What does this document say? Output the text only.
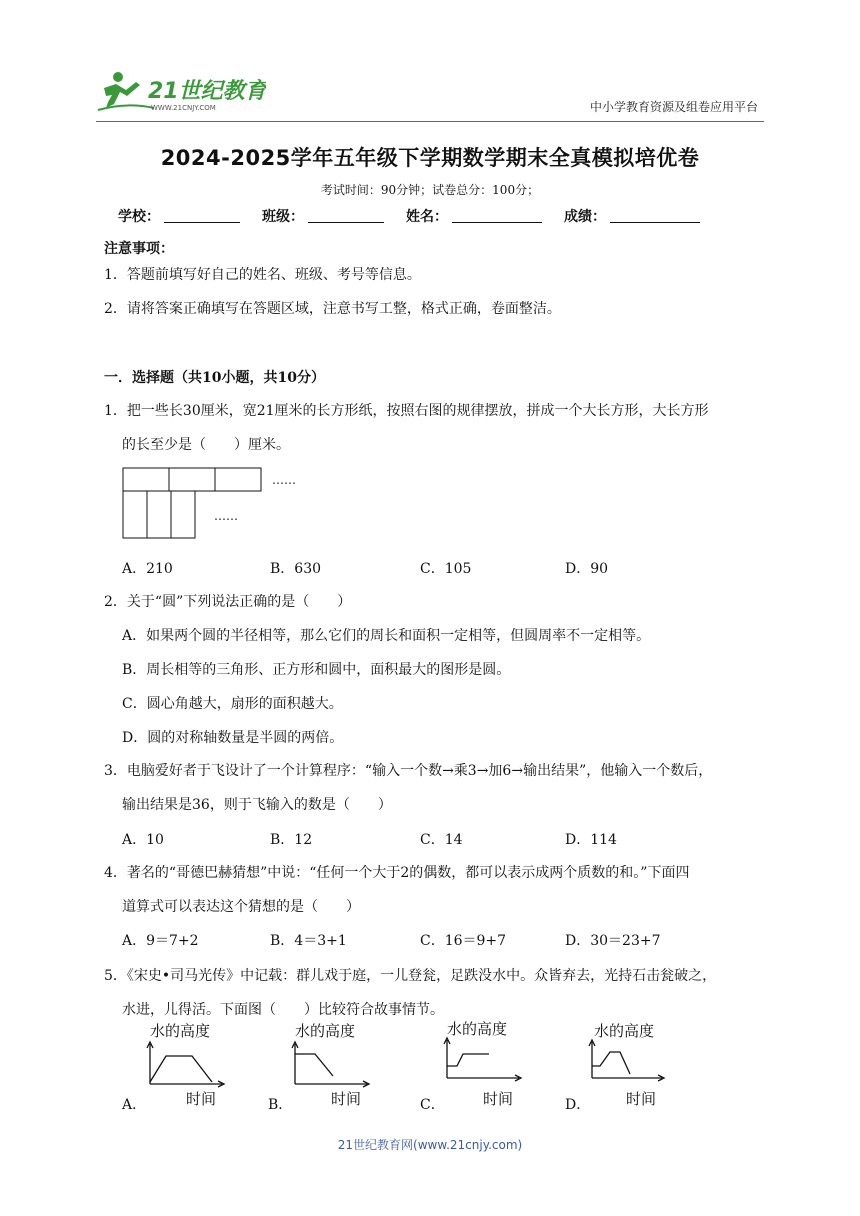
21世纪教育
WWW.21CNJY.COM	中小学教育资源及组卷应用平台
2024-2025学年五年级下学期数学期末全真模拟培优卷
考试时间：90分钟；试卷总分：100分；
学校：	班级：	姓名：	成绩：
注意事项：
1．答题前填写好自己的姓名、班级、考号等信息。
2．请将答案正确填写在答题区域，注意书写工整，格式正确，卷面整洁。
一．选择题（共10小题，共10分）
1．把一些长30厘米，宽21厘米的长方形纸，按照右图的规律摆放，拼成一个大长方形，大长方形
的长至少是（　　）厘米。
……
……
A．210	B．630	C．105	D．90
2．关于“圆”下列说法正确的是（　　）
A．如果两个圆的半径相等，那么它们的周长和面积一定相等，但圆周率不一定相等。
B．周长相等的三角形、正方形和圆中，面积最大的图形是圆。
C．圆心角越大，扇形的面积越大。
D．圆的对称轴数量是半圆的两倍。
3．电脑爱好者于飞设计了一个计算程序：“输入一个数→乘3→加6→输出结果”，他输入一个数后，
输出结果是36，则于飞输入的数是（　　）
A．10	B．12	C．14	D．114
4．著名的“哥德巴赫猜想”中说：“任何一个大于2的偶数，都可以表示成两个质数的和。”下面四
道算式可以表达这个猜想的是（　　）
A．9＝7+2	B．4＝3+1	C．16＝9+7	D．30＝23+7
5．《宋史•司马光传》中记载：群儿戏于庭，一儿登瓮，足跌没水中。众皆弃去，光持石击瓮破之，
水进，儿得活。下面图（　　）比较符合故事情节。
A．	B．	C．	D．
水的高度
时间
水的高度
时间
水的高度
时间
水的高度
时间
21世纪教育网(www.21cnjy.com)
